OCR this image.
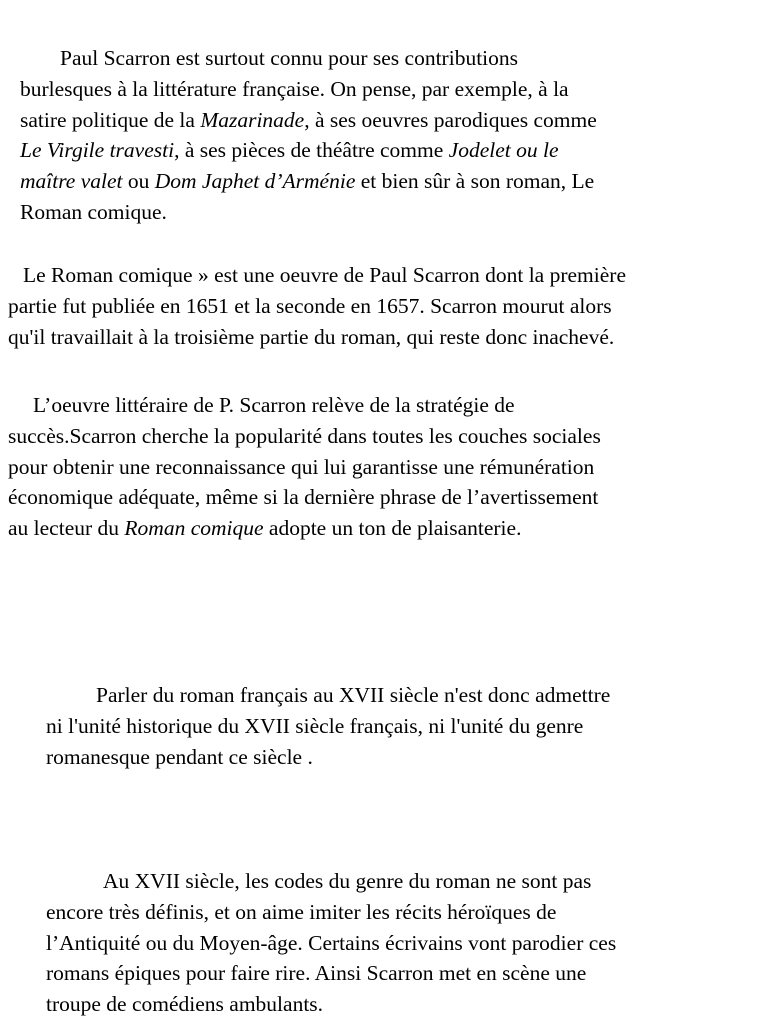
Paul Scarron est surtout connu pour ses contributions
burlesques à la littérature française. On pense, par exemple, à la
satire politique de la Mazarinade, à ses oeuvres parodiques comme
Le Virgile travesti, à ses pièces de théâtre comme Jodelet ou le
maître valet ou Dom Japhet d’Arménie et bien sûr à son roman, Le
Roman comique.

Le Roman comique » est une oeuvre de Paul Scarron dont la première
partie fut publiée en 1651 et la seconde en 1657. Scarron mourut alors
qu'il travaillait à la troisième partie du roman, qui reste donc inachevé.

L’oeuvre littéraire de P. Scarron relève de la stratégie de
succès.Scarron cherche la popularité dans toutes les couches sociales
pour obtenir une reconnaissance qui lui garantisse une rémunération
économique adéquate, même si la dernière phrase de l’avertissement
au lecteur du Roman comique adopte un ton de plaisanterie.

Parler du roman français au XVII siècle n'est donc admettre
ni l'unité historique du XVII siècle français, ni l'unité du genre
romanesque pendant ce siècle .

Au XVII siècle, les codes du genre du roman ne sont pas
encore très définis, et on aime imiter les récits héroïques de
l’Antiquité ou du Moyen-âge. Certains écrivains vont parodier ces
romans épiques pour faire rire. Ainsi Scarron met en scène une
troupe de comédiens ambulants.
